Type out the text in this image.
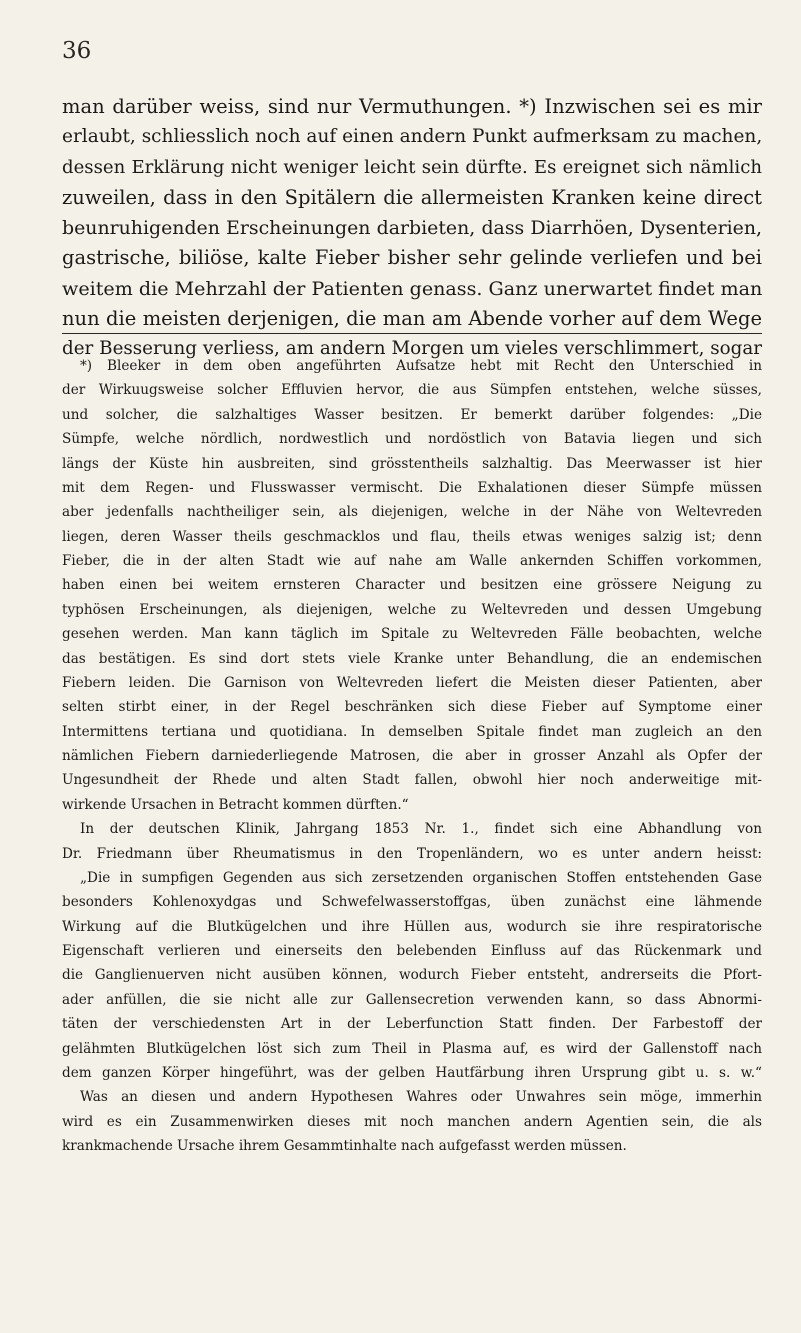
36
man darüber weiss, sind nur Vermuthungen. *) Inzwischen sei es mir
erlaubt, schliesslich noch auf einen andern Punkt aufmerksam zu machen,
dessen Erklärung nicht weniger leicht sein dürfte. Es ereignet sich nämlich
zuweilen, dass in den Spitälern die allermeisten Kranken keine direct
beunruhigenden Erscheinungen darbieten, dass Diarrhöen, Dysenterien,
gastrische, biliöse, kalte Fieber bisher sehr gelinde verliefen und bei
weitem die Mehrzahl der Patienten genass. Ganz unerwartet findet man
nun die meisten derjenigen, die man am Abende vorher auf dem Wege
der Besserung verliess, am andern Morgen um vieles verschlimmert, sogar
*) Bleeker in dem oben angeführten Aufsatze hebt mit Recht den Unterschied in
der Wirkuugsweise solcher Effluvien hervor, die aus Sümpfen entstehen, welche süsses,
und solcher, die salzhaltiges Wasser besitzen. Er bemerkt darüber folgendes: „Die
Sümpfe, welche nördlich, nordwestlich und nordöstlich von Batavia liegen und sich
längs der Küste hin ausbreiten, sind grösstentheils salzhaltig. Das Meerwasser ist hier
mit dem Regen- und Flusswasser vermischt. Die Exhalationen dieser Sümpfe müssen
aber jedenfalls nachtheiliger sein, als diejenigen, welche in der Nähe von Weltevreden
liegen, deren Wasser theils geschmacklos und flau, theils etwas weniges salzig ist; denn
Fieber, die in der alten Stadt wie auf nahe am Walle ankernden Schiffen vorkommen,
haben einen bei weitem ernsteren Character und besitzen eine grössere Neigung zu
typhösen Erscheinungen, als diejenigen, welche zu Weltevreden und dessen Umgebung
gesehen werden. Man kann täglich im Spitale zu Weltevreden Fälle beobachten, welche
das bestätigen. Es sind dort stets viele Kranke unter Behandlung, die an endemischen
Fiebern leiden. Die Garnison von Weltevreden liefert die Meisten dieser Patienten, aber
selten stirbt einer, in der Regel beschränken sich diese Fieber auf Symptome einer
Intermittens tertiana und quotidiana. In demselben Spitale findet man zugleich an den
nämlichen Fiebern darniederliegende Matrosen, die aber in grosser Anzahl als Opfer der
Ungesundheit der Rhede und alten Stadt fallen, obwohl hier noch anderweitige mit-
wirkende Ursachen in Betracht kommen dürften.“
In der deutschen Klinik, Jahrgang 1853 Nr. 1., findet sich eine Abhandlung von
Dr. Friedmann über Rheumatismus in den Tropenländern, wo es unter andern heisst:
„Die in sumpfigen Gegenden aus sich zersetzenden organischen Stoffen entstehenden Gase
besonders Kohlenoxydgas und Schwefelwasserstoffgas, üben zunächst eine lähmende
Wirkung auf die Blutkügelchen und ihre Hüllen aus, wodurch sie ihre respiratorische
Eigenschaft verlieren und einerseits den belebenden Einfluss auf das Rückenmark und
die Ganglienuerven nicht ausüben können, wodurch Fieber entsteht, andrerseits die Pfort-
ader anfüllen, die sie nicht alle zur Gallensecretion verwenden kann, so dass Abnormi-
täten der verschiedensten Art in der Leberfunction Statt finden. Der Farbestoff der
gelähmten Blutkügelchen löst sich zum Theil in Plasma auf, es wird der Gallenstoff nach
dem ganzen Körper hingeführt, was der gelben Hautfärbung ihren Ursprung gibt u. s. w.“
Was an diesen und andern Hypothesen Wahres oder Unwahres sein möge, immerhin
wird es ein Zusammenwirken dieses mit noch manchen andern Agentien sein, die als
krankmachende Ursache ihrem Gesammtinhalte nach aufgefasst werden müssen.
